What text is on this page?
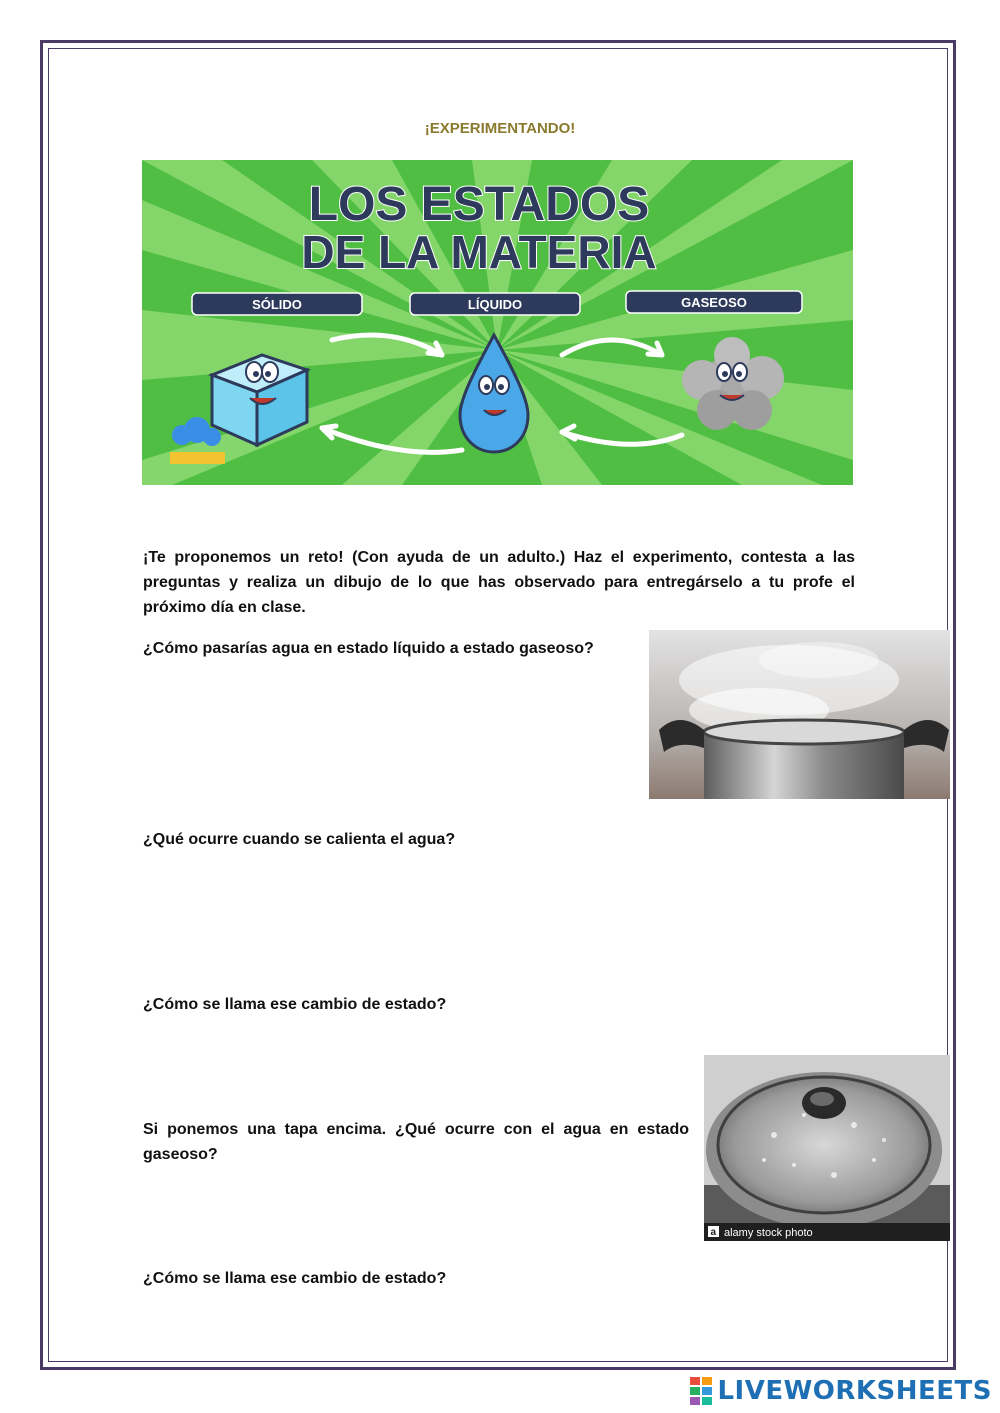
¡EXPERIMENTANDO!
LOS ESTADOS
DE LA MATERIA
SÓLIDO	LÍQUIDO	GASEOSO
¡Te proponemos un reto! (Con ayuda de un adulto.) Haz el experimento, contesta a las preguntas y realiza un dibujo de lo que has observado para entregárselo a tu profe el próximo día en clase.
¿Cómo pasarías agua en estado líquido a estado gaseoso?
¿Qué ocurre cuando se calienta el agua?
¿Cómo se llama ese cambio de estado?
Si ponemos una tapa encima. ¿Qué ocurre con el agua en estado gaseoso?
a alamy stock photo
¿Cómo se llama ese cambio de estado?
LIVEWORKSHEETS
